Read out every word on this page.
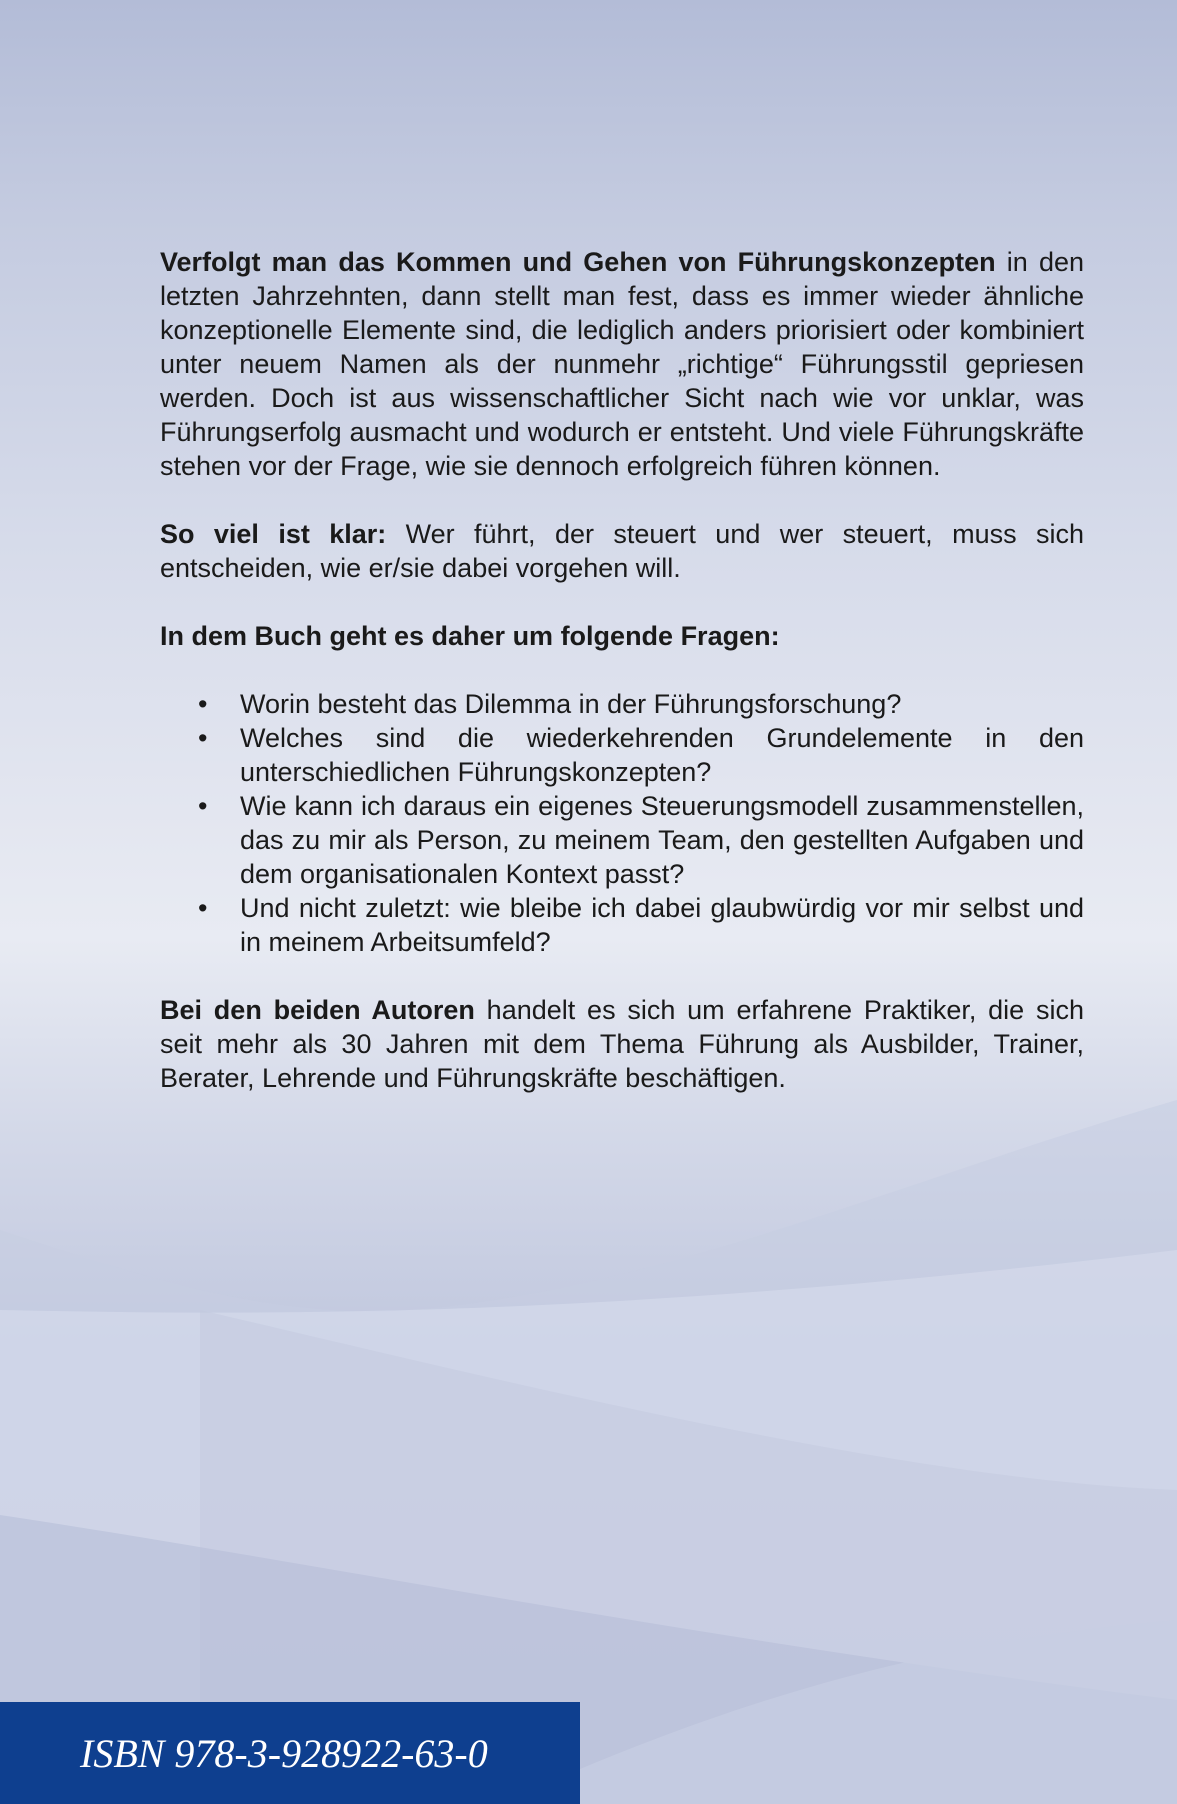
Verfolgt man das Kommen und Gehen von Führungskonzepten in den letzten Jahrzehnten, dann stellt man fest, dass es immer wieder ähnliche konzeptionelle Elemente sind, die lediglich anders priorisiert oder kombiniert unter neuem Namen als der nunmehr „richtige“ Führungsstil gepriesen werden. Doch ist aus wissenschaftlicher Sicht nach wie vor unklar, was Führungserfolg ausmacht und wodurch er entsteht. Und viele Führungskräfte stehen vor der Frage, wie sie dennoch erfolgreich führen können.

So viel ist klar: Wer führt, der steuert und wer steuert, muss sich entscheiden, wie er/sie dabei vorgehen will.

In dem Buch geht es daher um folgende Fragen:

• Worin besteht das Dilemma in der Führungsforschung?
• Welches sind die wiederkehrenden Grundelemente in den unterschiedlichen Führungskonzepten?
• Wie kann ich daraus ein eigenes Steuerungsmodell zusammenstellen, das zu mir als Person, zu meinem Team, den gestellten Aufgaben und dem organisationalen Kontext passt?
• Und nicht zuletzt: wie bleibe ich dabei glaubwürdig vor mir selbst und in meinem Arbeitsumfeld?

Bei den beiden Autoren handelt es sich um erfahrene Praktiker, die sich seit mehr als 30 Jahren mit dem Thema Führung als Ausbilder, Trainer, Berater, Lehrende und Führungskräfte beschäftigen.

ISBN 978-3-928922-63-0
